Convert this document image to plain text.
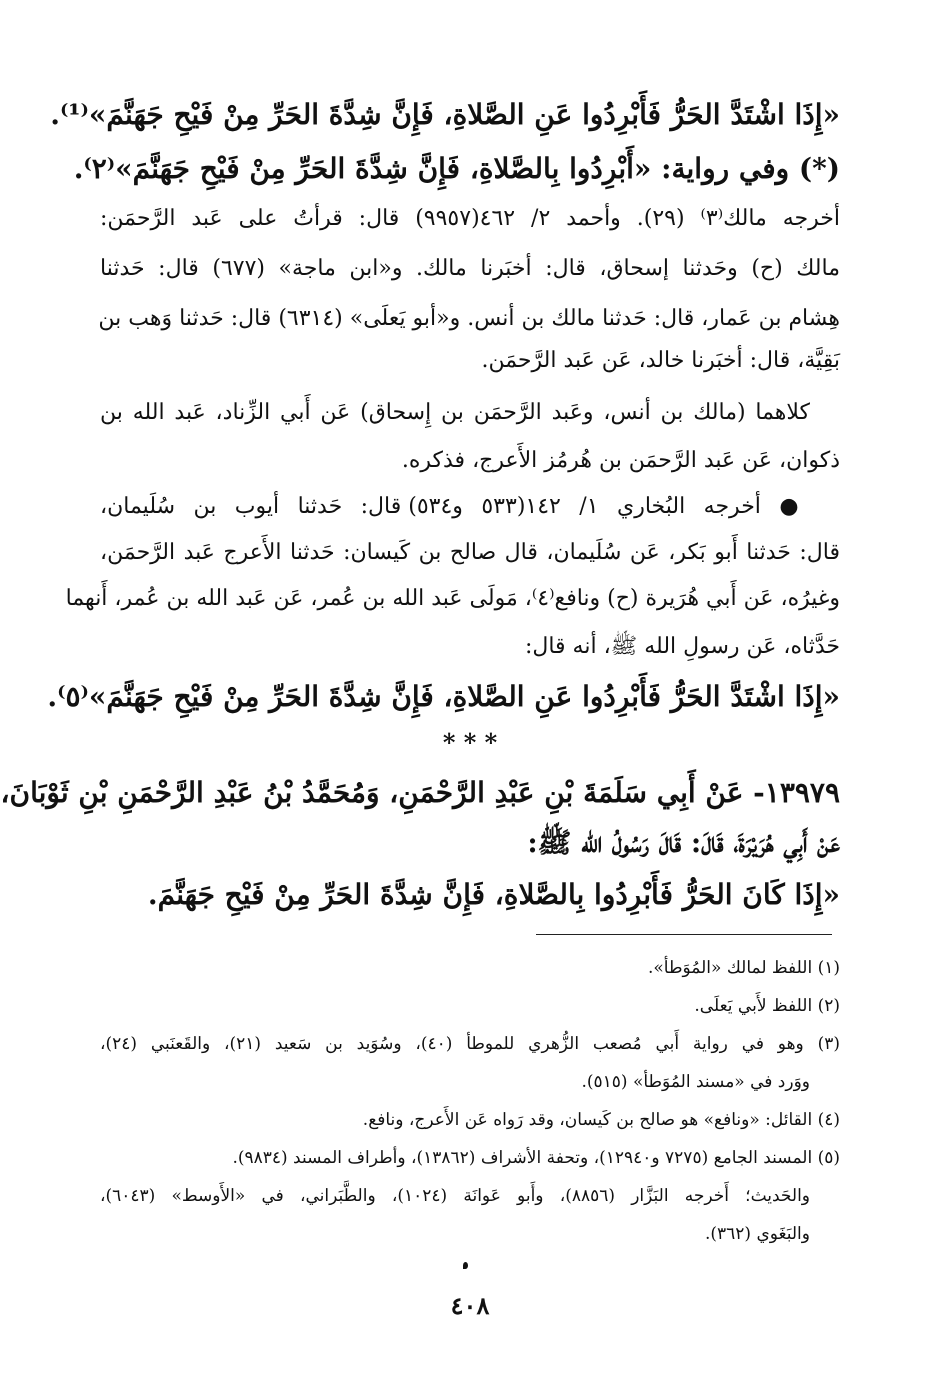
«إِذَا اشْتَدَّ الحَرُّ فَأَبْرِدُوا عَنِ الصَّلاةِ، فَإِنَّ شِدَّةَ الحَرِّ مِنْ فَيْحِ جَهَنَّمَ»⁽¹⁾.
(*) وفي رواية: «أَبْرِدُوا بِالصَّلاةِ، فَإِنَّ شِدَّةَ الحَرِّ مِنْ فَيْحِ جَهَنَّمَ»⁽٢⁾.
أخرجه مالك⁽٣⁾ (٢٩). وأحمد ٢/ ٤٦٢(٩٩٥٧) قال: قرأتُ على عَبد الرَّحمَن:
مالك (ح) وحَدثنا إسحاق، قال: أخبَرنا مالك. و«ابن ماجة» (٦٧٧) قال: حَدثنا
هِشام بن عَمار، قال: حَدثنا مالك بن أنس. و«أبو يَعلَى» (٦٣١٤) قال: حَدثنا وَهب بن
بَقِيَّة، قال: أخبَرنا خالد، عَن عَبد الرَّحمَن.
كلاهما (مالك بن أنس، وعَبد الرَّحمَن بن إِسحاق) عَن أَبي الزِّناد، عَبد الله بن
ذكوان، عَن عَبد الرَّحمَن بن هُرمُز الأَعرج، فذكره.
● أخرجه البُخاري ١/ ١٤٢(٥٣٣ و٥٣٤) قال: حَدثنا أيوب بن سُلَيمان،
قال: حَدثنا أَبو بَكر، عَن سُلَيمان، قال صالح بن كَيسان: حَدثنا الأَعرج عَبد الرَّحمَن،
وغيرُه، عَن أَبي هُرَيرة (ح) ونافع⁽٤⁾، مَولَى عَبد الله بن عُمر، عَن عَبد الله بن عُمر، أَنهما
حَدَّثاه، عَن رسولِ الله ﷺ، أنه قال:
«إِذَا اشْتَدَّ الحَرُّ فَأَبْرِدُوا عَنِ الصَّلاةِ، فَإِنَّ شِدَّةَ الحَرِّ مِنْ فَيْحِ جَهَنَّمَ»⁽٥⁾.
* * *
١٣٩٧٩- عَنْ أَبِي سَلَمَةَ بْنِ عَبْدِ الرَّحْمَنِ، وَمُحَمَّدُ بْنُ عَبْدِ الرَّحْمَنِ بْنِ ثَوْبَانَ،
عَنْ أَبِي هُرَيْرَةَ، قَالَ: قَالَ رَسُولُ الله ﷺ:
«إِذَا كَانَ الحَرُّ فَأَبْرِدُوا بِالصَّلاةِ، فَإِنَّ شِدَّةَ الحَرِّ مِنْ فَيْحِ جَهَنَّمَ.
(١) اللفظ لمالك «المُوَطأ».
(٢) اللفظ لأَبي يَعلَى.
(٣) وهو في رواية أَبي مُصعب الزُّهري للموطأ (٤٠)، وسُوَيد بن سَعيد (٢١)، والقَعنَبي (٢٤)،
ووَرد في «مسند المُوَطأ» (٥١٥).
(٤) القائل: «ونافع» هو صالح بن كَيسان، وقد رَواه عَن الأَعرج، ونافع.
(٥) المسند الجامع (٧٢٧٥ و١٢٩٤٠)، وتحفة الأشراف (١٣٨٦٢)، وأطراف المسند (٩٨٣٤).
والحَديث؛ أَخرجه البَزَّار (٨٨٥٦)، وأَبو عَوانَة (١٠٢٤)، والطَّبَراني، في «الأَوسط» (٦٠٤٣)،
والبَغَوي (٣٦٢).
٤٠٨
